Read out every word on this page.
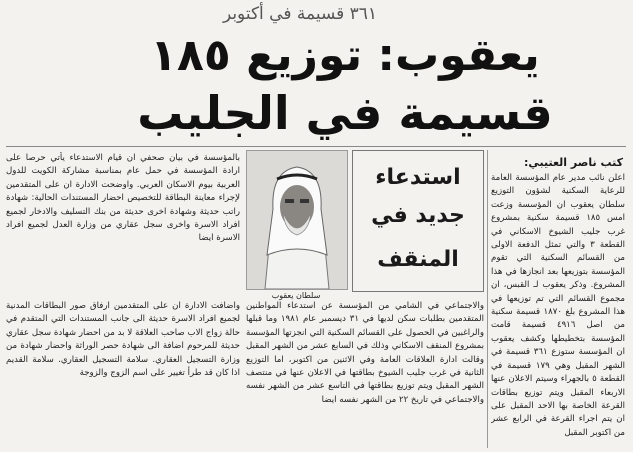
٣٦١ قسيمة في أكتوبر
يعقوب: توزيع ١٨٥
قسيمة في الجليب
كتب ناصر العتيبي:

اعلن نائب مدير عام المؤسسة العامة للرعاية السكنية لشؤون التوزيع سلطان يعقوب ان المؤسسة وزعت امس ١٨٥ قسيمة سكنية بمشروع غرب جليب الشيوخ الاسكاني في القطعة ٣ والتي تمثل الدفعة الاولى من القسائم السكنية التي تقوم المؤسسة بتوزيعها بعد انجازها في هذا المشروع. وذكر يعقوب لـ القبس، ان مجموع القسائم التي تم توزيعها في هذا المشروع بلغ ١٨٧٠ قسيمة سكنية من اصل ٤٩١٦ قسيمة قامت المؤسسة بتخطيطها وكشف يعقوب ان المؤسسة ستوزع ٣٦١ قسيمة في الشهر المقبل وهي ١٧٩ قسيمة في القطعة ٥ بالجهراء وسيتم الاعلان عنها الاربعاء المقبل ويتم توزيع بطاقات القرعة الخاصة بها الاحد المقبل على ان يتم اجراء القرعة في الرابع عشر من اكتوبر المقبل

استدعاء
جديد في
المنقف
سلطان يعقوب

بالمؤسسة في بيان صحفي ان قيام الاستدعاء يأتي حرصا على ارادة المؤسسة في حمل عام بمناسبة مشاركة الكويت للدول العربية بيوم الاسكان العربي. واوضحت الادارة ان على المتقدمين لإجراء معاينة البطاقة للتخصيص احضار المستندات الحالية: شهادة راتب حديثة وشهادة اخرى حديثة من بنك التسليف والادخار لجميع افراد الاسرة واخرى سجل عقاري من وزارة العدل لجميع افراد الاسرة ايضا

واضافت الادارة ان على المتقدمين ارفاق صور البطاقات المدنية لجميع افراد الاسرة حديثة الى جانب المستندات التي المتقدم في حالة زواج الاب صاحب العلاقة لا بد من احضار شهادة سجل عقاري حديثة للمرحوم اضافة الى شهادة حصر الوراثة واحضار شهادة من وزارة التسجيل العقاري. سلامة التسجيل العقاري. سلامة القديم اذا كان قد طرأ تغيير على اسم الزوج والزوجة

والاجتماعي في الشامي من المؤسسة عن استدعاء المواطنين المتقدمين بطلبات سكن لديها في ٣١ ديسمبر عام ١٩٨١ وما قبلها والراغبين في الحصول على القسائم السكنية التي انجزتها المؤسسة بمشروع المنقف الاسكاني وذلك في السابع عشر من الشهر المقبل وقالت ادارة العلاقات العامة وفي الاثنين من اكتوبر، اما التوزيع الثانية في غرب جليب الشيوخ بطاقتها في الاعلان عنها في منتصف الشهر المقبل ويتم توزيع بطاقتها في التاسع عشر من الشهر نفسه والاجتماعي في تاريخ ٢٢ من الشهر نفسه ايضا
